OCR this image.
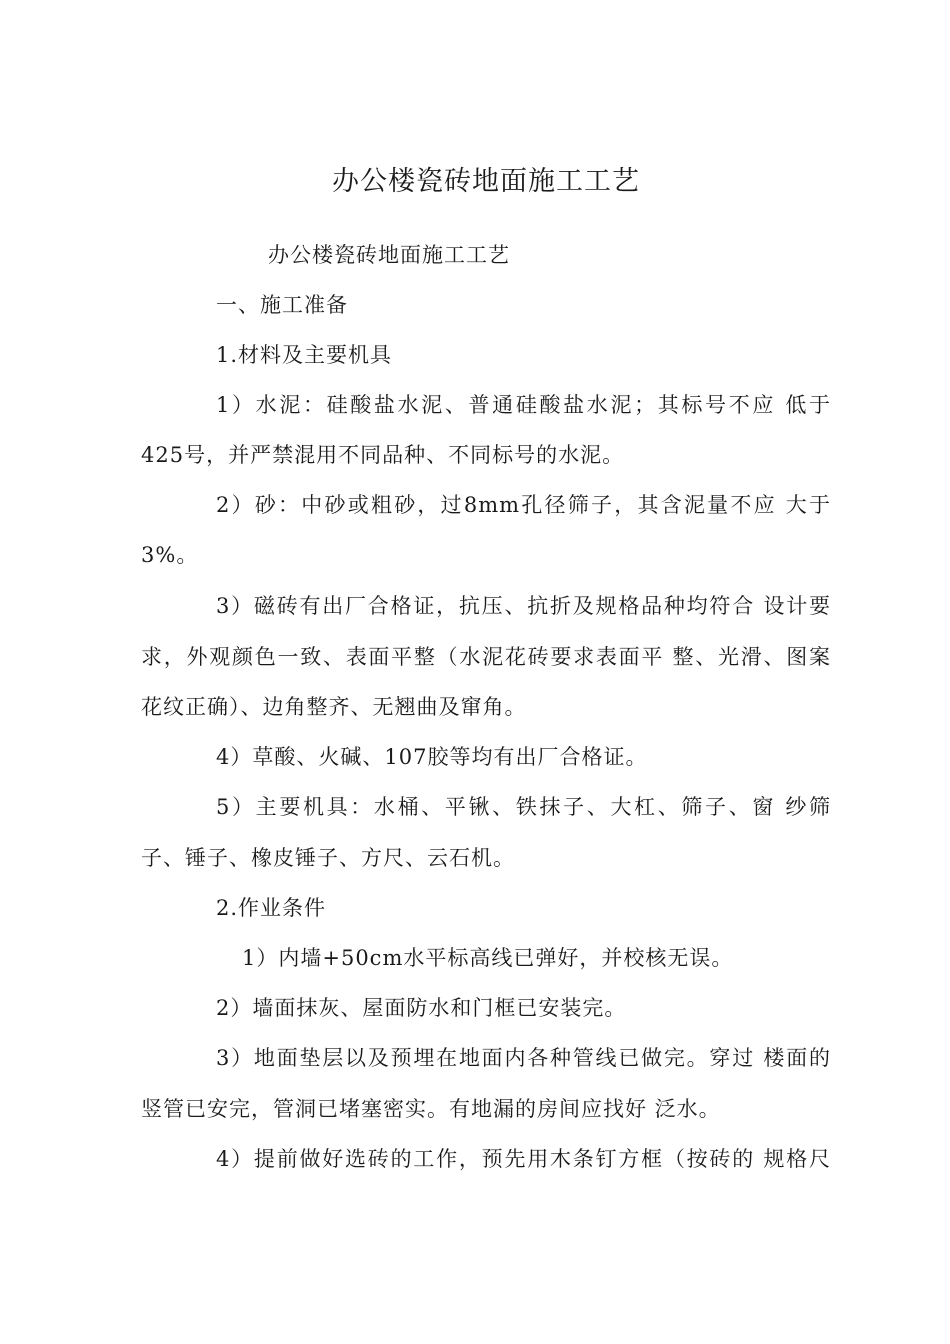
办公楼瓷砖地面施工工艺
办公楼瓷砖地面施工工艺
一、施工准备
1.材料及主要机具
1）水泥：硅酸盐水泥、普通硅酸盐水泥；其标号不应 低于
425号，并严禁混用不同品种、不同标号的水泥。
2）砂：中砂或粗砂，过8mm孔径筛子，其含泥量不应 大于
3%。
3）磁砖有出厂合格证，抗压、抗折及规格品种均符合 设计要
求，外观颜色一致、表面平整（水泥花砖要求表面平 整、光滑、图案
花纹正确）、边角整齐、无翘曲及窜角。
4）草酸、火碱、107胶等均有出厂合格证。
5）主要机具：水桶、平锹、铁抹子、大杠、筛子、窗 纱筛
子、锤子、橡皮锤子、方尺、云石机。
2.作业条件
1）内墙+50cm水平标高线已弹好，并校核无误。
2）墙面抹灰、屋面防水和门框已安装完。
3）地面垫层以及预埋在地面内各种管线已做完。穿过 楼面的
竖管已安完，管洞已堵塞密实。有地漏的房间应找好 泛水。
4）提前做好选砖的工作，预先用木条钉方框（按砖的 规格尺
